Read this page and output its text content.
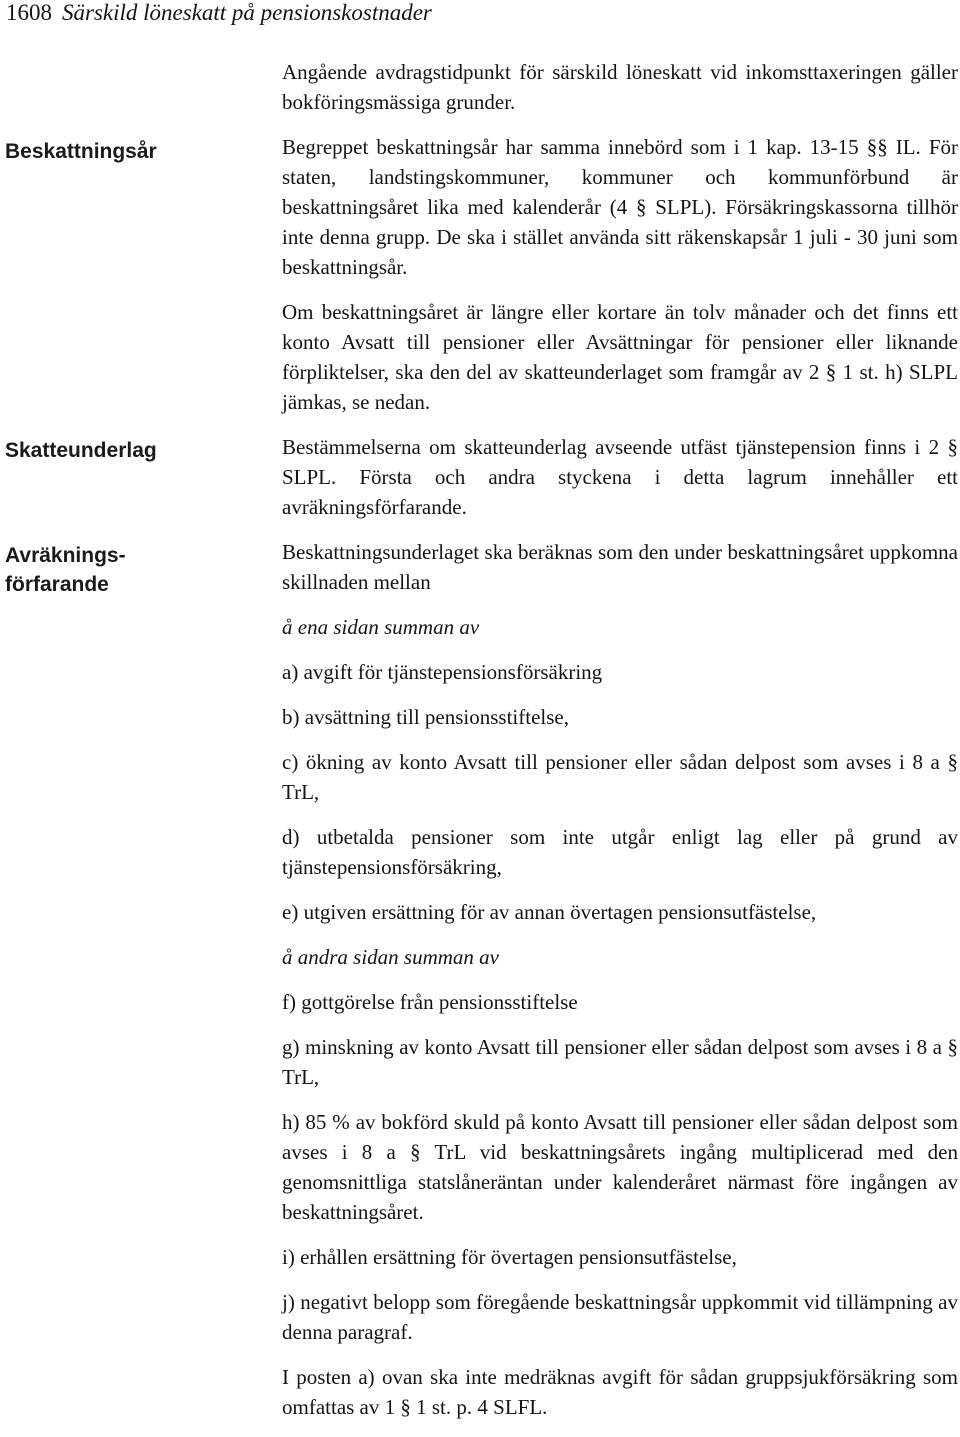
1608 Särskild löneskatt på pensionskostnader
Beskattningsår
Skatteunderlag
Avräknings-
förfarande

Angående avdragstidpunkt för särskild löneskatt vid inkomsttaxeringen gäller bokföringsmässiga grunder.

Begreppet beskattningsår har samma innebörd som i 1 kap. 13-15 §§ IL. För staten, landstingskommuner, kommuner och kommunförbund är beskattningsåret lika med kalenderår (4 § SLPL). Försäkringskassorna tillhör inte denna grupp. De ska i stället använda sitt räkenskapsår 1 juli - 30 juni som beskattningsår.

Om beskattningsåret är längre eller kortare än tolv månader och det finns ett konto Avsatt till pensioner eller Avsättningar för pensioner eller liknande förpliktelser, ska den del av skatteunderlaget som framgår av 2 § 1 st. h) SLPL jämkas, se nedan.

Bestämmelserna om skatteunderlag avseende utfäst tjänstepension finns i 2 § SLPL. Första och andra styckena i detta lagrum innehåller ett avräkningsförfarande.

Beskattningsunderlaget ska beräknas som den under beskattningsåret uppkomna skillnaden mellan

å ena sidan summan av

a) avgift för tjänstepensionsförsäkring

b) avsättning till pensionsstiftelse,

c) ökning av konto Avsatt till pensioner eller sådan delpost som avses i 8 a § TrL,

d) utbetalda pensioner som inte utgår enligt lag eller på grund av tjänstepensionsförsäkring,

e) utgiven ersättning för av annan övertagen pensionsutfästelse,

å andra sidan summan av

f) gottgörelse från pensionsstiftelse

g) minskning av konto Avsatt till pensioner eller sådan delpost som avses i 8 a § TrL,

h) 85 % av bokförd skuld på konto Avsatt till pensioner eller sådan delpost som avses i 8 a § TrL vid beskattningsårets ingång multiplicerad med den genomsnittliga statslåneräntan under kalenderåret närmast före ingången av beskattningsåret.

i) erhållen ersättning för övertagen pensionsutfästelse,

j) negativt belopp som föregående beskattningsår uppkommit vid tillämpning av denna paragraf.

I posten a) ovan ska inte medräknas avgift för sådan gruppsjukförsäkring som omfattas av 1 § 1 st. p. 4 SLFL.
